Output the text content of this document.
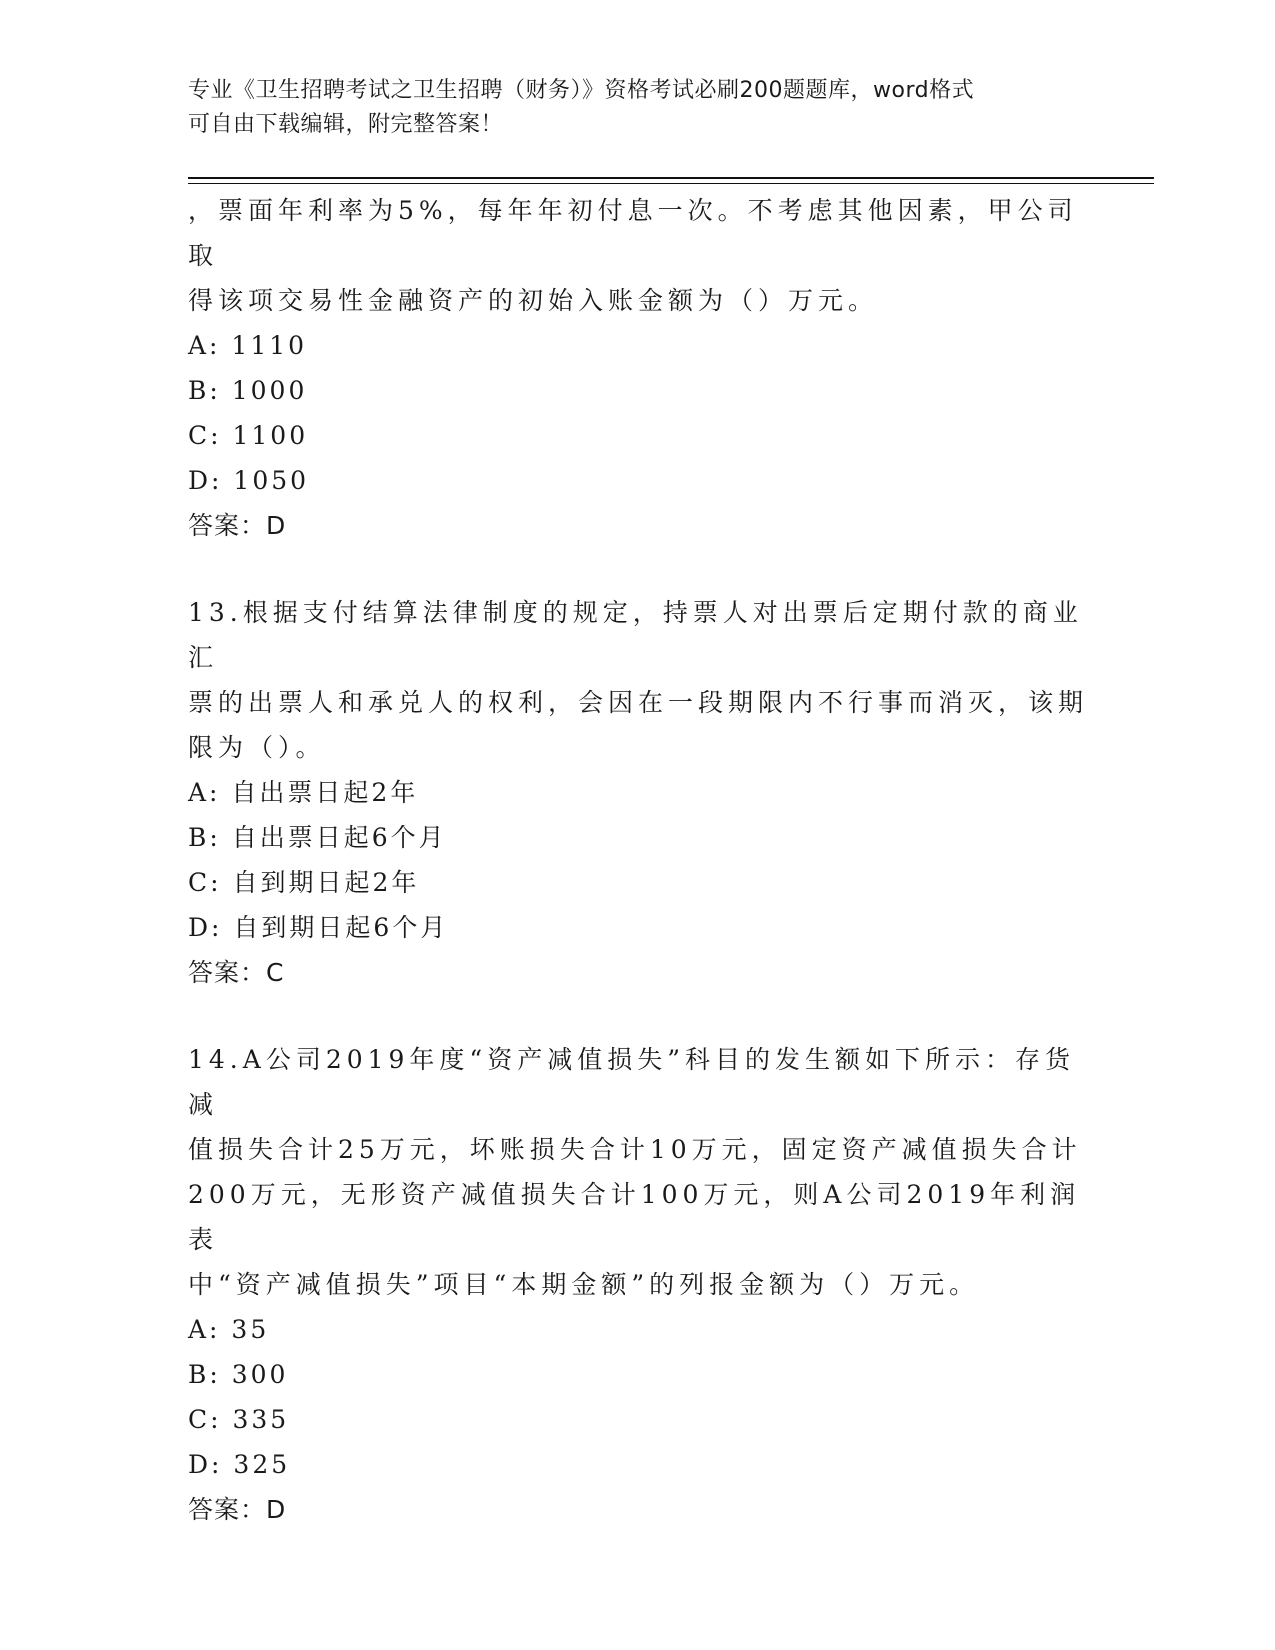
专业《卫生招聘考试之卫生招聘（财务）》资格考试必刷200题题库，word格式
可自由下载编辑，附完整答案！
，票面年利率为5%，每年年初付息一次。不考虑其他因素，甲公司取
得该项交易性金融资产的初始入账金额为（）万元。
A: 1110
B: 1000
C: 1100
D: 1050
答案：D
13.根据支付结算法律制度的规定，持票人对出票后定期付款的商业汇
票的出票人和承兑人的权利，会因在一段期限内不行事而消灭，该期
限为（）。
A: 自出票日起2年
B: 自出票日起6个月
C: 自到期日起2年
D: 自到期日起6个月
答案：C
14.A公司2019年度“资产减值损失”科目的发生额如下所示：存货减
值损失合计25万元，坏账损失合计10万元，固定资产减值损失合计
200万元，无形资产减值损失合计100万元，则A公司2019年利润表
中“资产减值损失”项目“本期金额”的列报金额为（）万元。
A: 35
B: 300
C: 335
D: 325
答案：D
